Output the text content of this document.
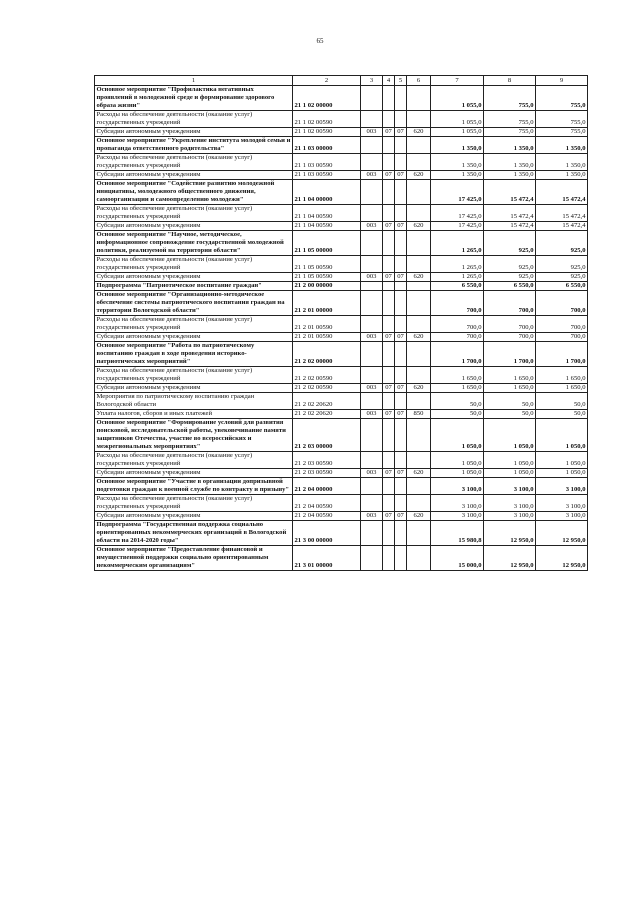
65
1	2	3	4	5	6	7	8	9
Основное мероприятие "Профилактика негативных проявлений в молодежной среде и формирование здорового образа жизни"	21 1 02 00000					1 055,0	755,0	755,0
Расходы на обеспечение деятельности (оказание услуг) государственных учреждений	21 1 02 00590					1 055,0	755,0	755,0
Субсидии автономным учреждениям	21 1 02 00590	003	07	07	620	1 055,0	755,0	755,0
Основное мероприятие "Укрепление института молодой семьи и пропаганда ответственного родительства"	21 1 03 00000					1 350,0	1 350,0	1 350,0
Расходы на обеспечение деятельности (оказание услуг) государственных учреждений	21 1 03 00590					1 350,0	1 350,0	1 350,0
Субсидии автономным учреждениям	21 1 03 00590	003	07	07	620	1 350,0	1 350,0	1 350,0
Основное мероприятие "Содействие развитию молодежной инициативы, молодежного общественного движения, самоорганизации и самоопределению молодежи"	21 1 04 00000					17 425,0	15 472,4	15 472,4
Расходы на обеспечение деятельности (оказание услуг) государственных учреждений	21 1 04 00590					17 425,0	15 472,4	15 472,4
Субсидии автономным учреждениям	21 1 04 00590	003	07	07	620	17 425,0	15 472,4	15 472,4
Основное мероприятие "Научное, методическое, информационное сопровождение государственной молодежной политики, реализуемой на территории области"	21 1 05 00000					1 265,0	925,0	925,0
Расходы на обеспечение деятельности (оказание услуг) государственных учреждений	21 1 05 00590					1 265,0	925,0	925,0
Субсидии автономным учреждениям	21 1 05 00590	003	07	07	620	1 265,0	925,0	925,0
Подпрограмма "Патриотическое воспитание граждан"	21 2 00 00000					6 550,0	6 550,0	6 550,0
Основное мероприятие "Организационно-методическое обеспечение системы патриотического воспитания граждан на территории Вологодской области"	21 2 01 00000					700,0	700,0	700,0
Расходы на обеспечение деятельности (оказание услуг) государственных учреждений	21 2 01 00590					700,0	700,0	700,0
Субсидии автономным учреждениям	21 2 01 00590	003	07	07	620	700,0	700,0	700,0
Основное мероприятие "Работа по патриотическому воспитанию граждан в ходе проведения историко-патриотических мероприятий"	21 2 02 00000					1 700,0	1 700,0	1 700,0
Расходы на обеспечение деятельности (оказание услуг) государственных учреждений	21 2 02 00590					1 650,0	1 650,0	1 650,0
Субсидии автономным учреждениям	21 2 02 00590	003	07	07	620	1 650,0	1 650,0	1 650,0
Мероприятия по патриотическому воспитанию граждан Вологодской области	21 2 02 20620					50,0	50,0	50,0
Уплата налогов, сборов и иных платежей	21 2 02 20620	003	07	07	850	50,0	50,0	50,0
Основное мероприятие "Формирование условий для развития поисковой, исследовательской работы, увековечивание памяти защитников Отечества, участие во всероссийских и межрегиональных мероприятиях"	21 2 03 00000					1 050,0	1 050,0	1 050,0
Расходы на обеспечение деятельности (оказание услуг) государственных учреждений	21 2 03 00590					1 050,0	1 050,0	1 050,0
Субсидии автономным учреждениям	21 2 03 00590	003	07	07	620	1 050,0	1 050,0	1 050,0
Основное мероприятие "Участие в организации допризывной подготовки граждан к военной службе по контракту и призыву"	21 2 04 00000					3 100,0	3 100,0	3 100,0
Расходы на обеспечение деятельности (оказание услуг) государственных учреждений	21 2 04 00590					3 100,0	3 100,0	3 100,0
Субсидии автономным учреждениям	21 2 04 00590	003	07	07	620	3 100,0	3 100,0	3 100,0
Подпрограмма "Государственная поддержка социально ориентированных некоммерческих организаций в Вологодской области на 2014-2020 годы"	21 3 00 00000					15 980,8	12 950,0	12 950,0
Основное мероприятие "Предоставление финансовой и имущественной поддержки социально ориентированным некоммерческим организациям"	21 3 01 00000					15 000,0	12 950,0	12 950,0
